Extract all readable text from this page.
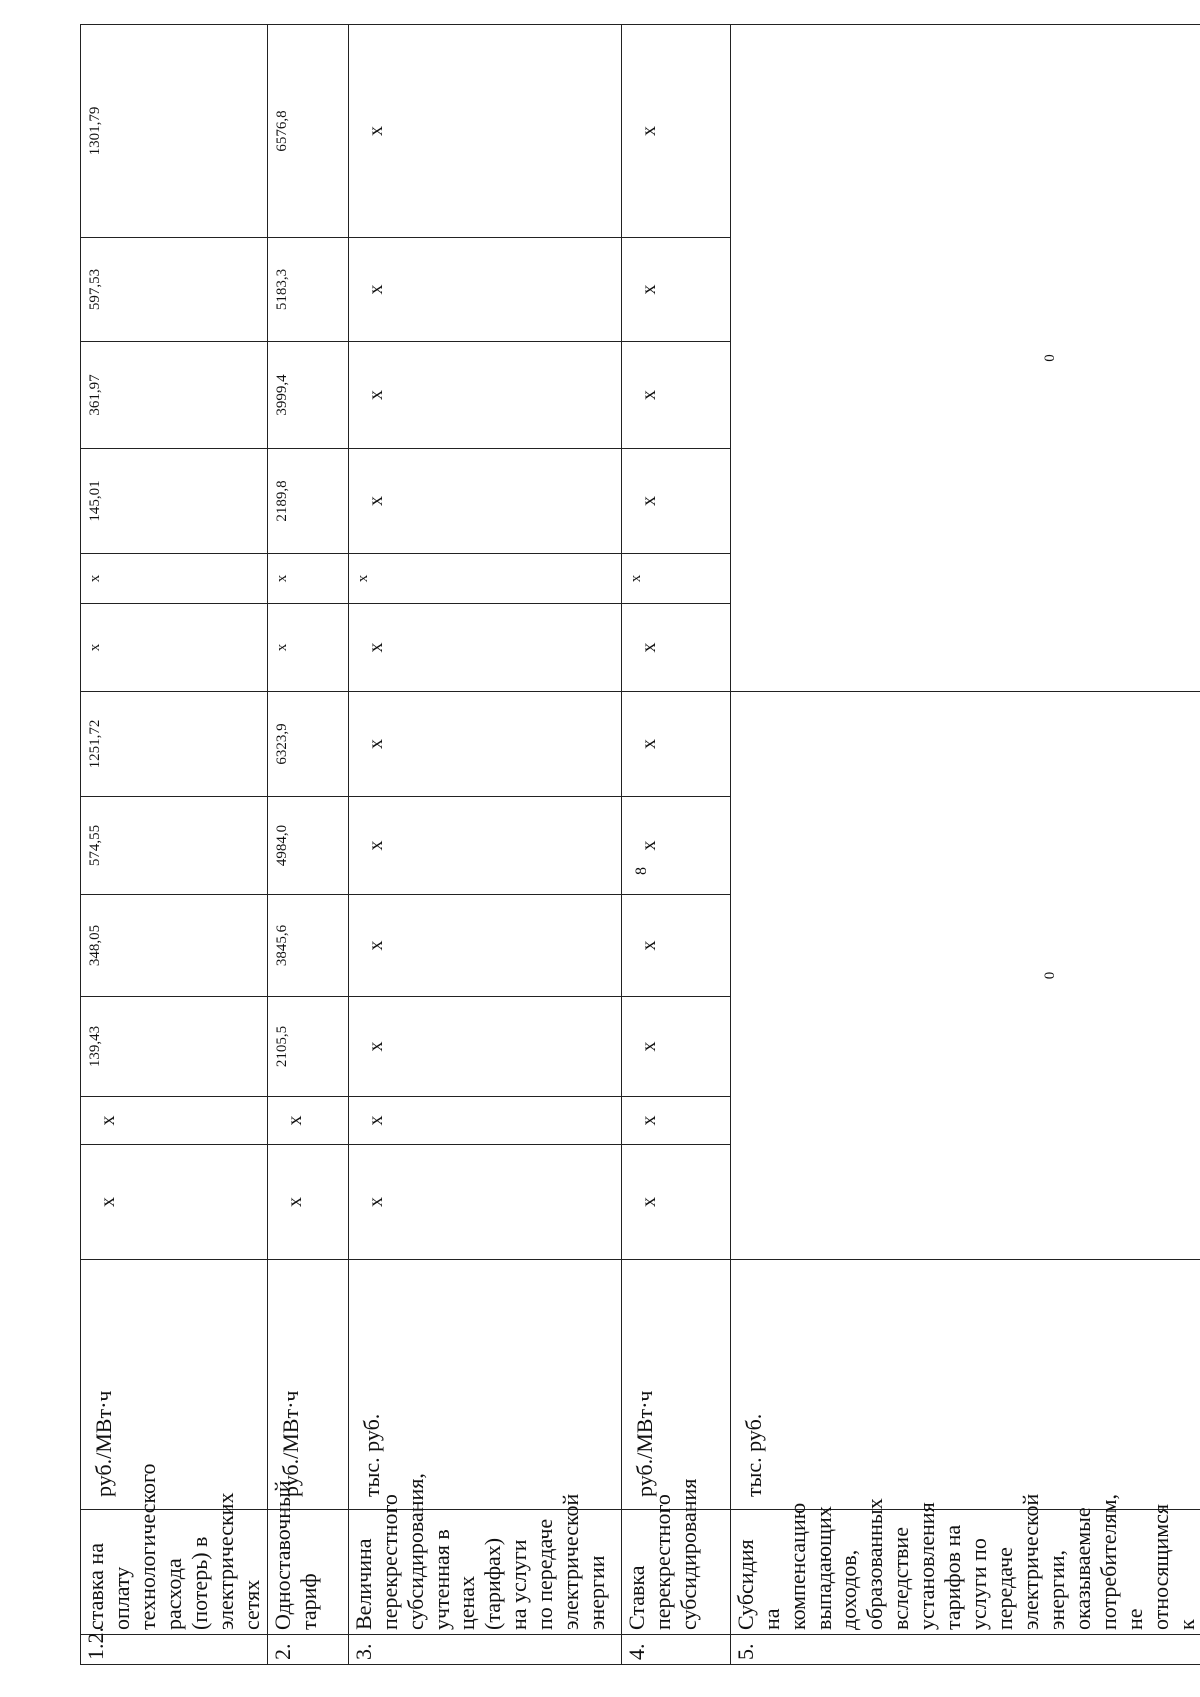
8
1.2.	ставка на оплату технологического расхода (потерь) в электрических сетях	руб./МВт·ч	х	х	139,43	348,05	574,55	1251,72	х	х	145,01	361,97	597,53	1301,79
2.	Одноставочный тариф	руб./МВт·ч	х	х	2105,5	3845,6	4984,0	6323,9	х	х	2189,8	3999,4	5183,3	6576,8
3.	Величина перекрестного субсидирования, учтенная в ценах (тарифах) на услуги по передаче электрической энергии	тыс. руб.	х	х	х	х	х	х	х	х	х	х	х	х
4.	Ставка перекрестного субсидирования	руб./МВт·ч	х	х	х	х	х	х	х	х	х	х	х	х
5.	Субсидия на компенсацию выпадающих доходов, образованных вследствие установления тарифов на услуги по передаче электрической энергии, оказываемые потребителям, не относящимся к	тыс. руб.	0						0					
